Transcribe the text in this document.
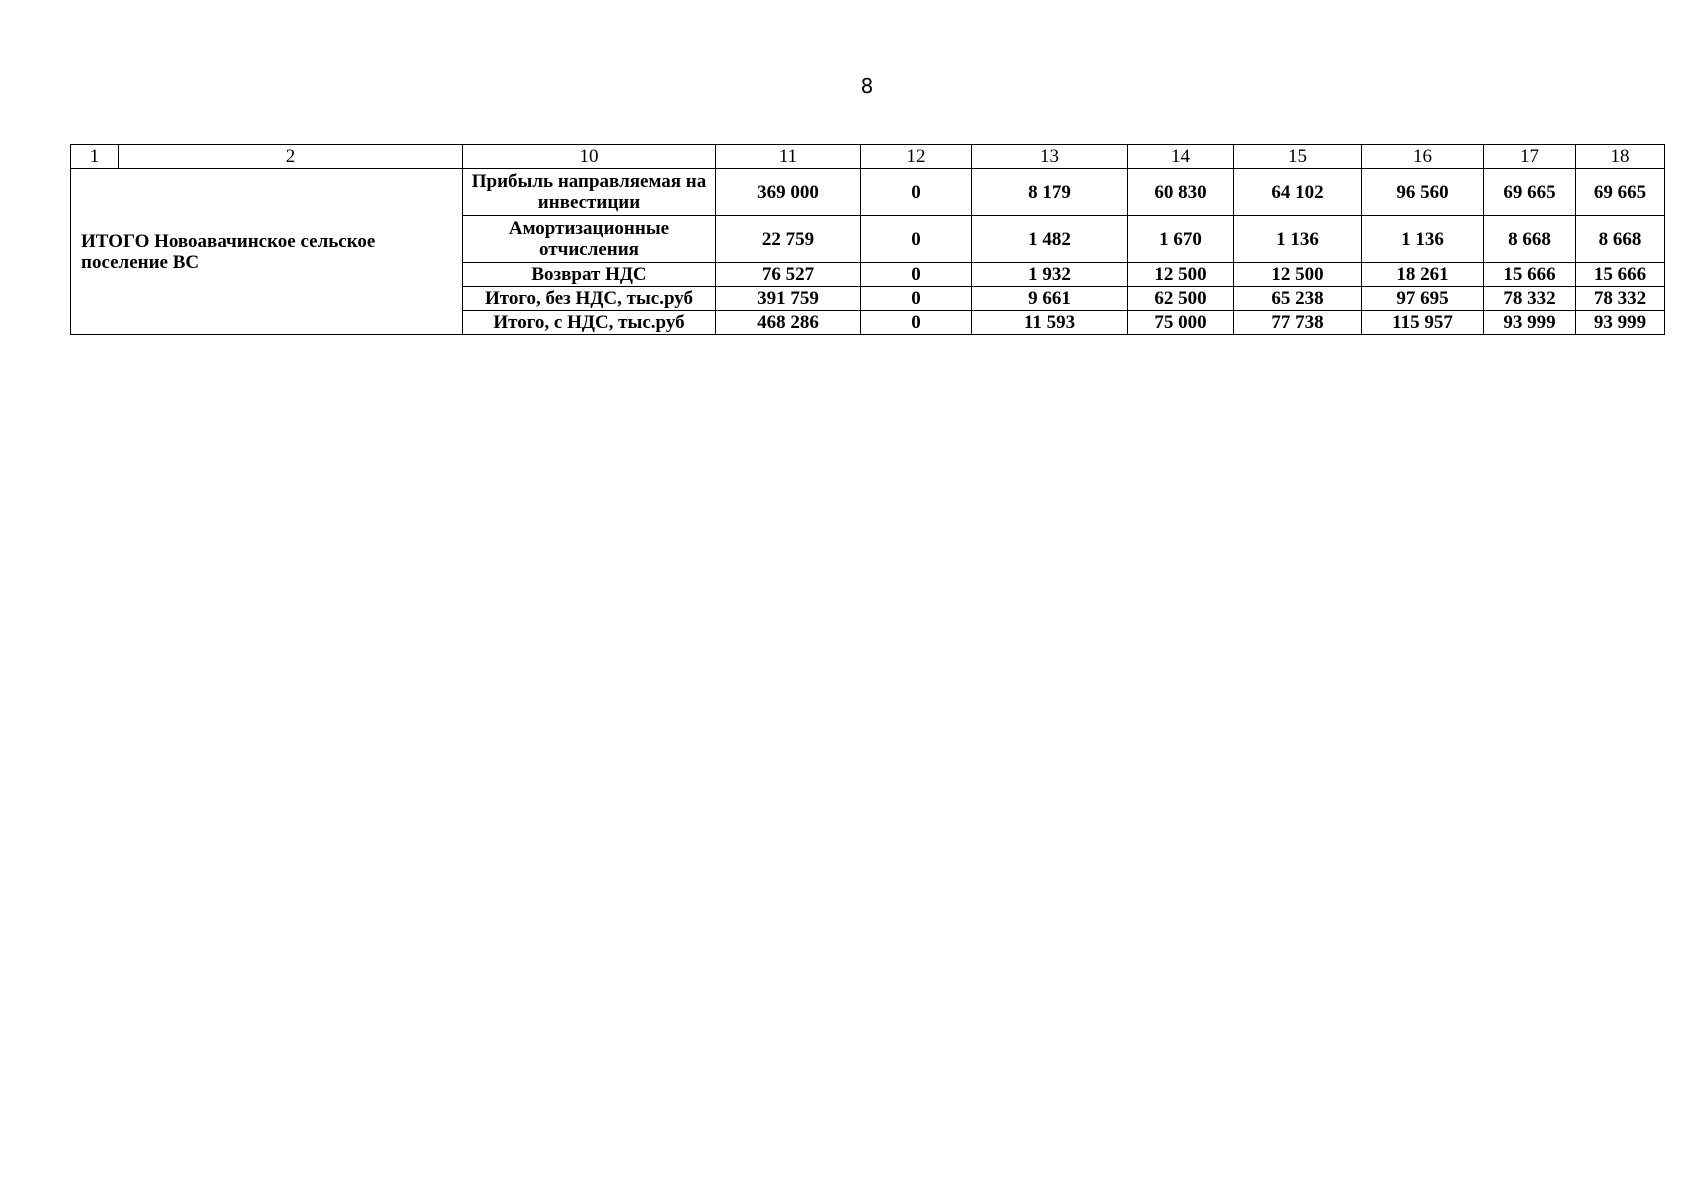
8
1	2	10	11	12	13	14	15	16	17	18
ИТОГО Новоавачинское сельское поселение ВС		Прибыль направляемая на инвестиции	369 000	0	8 179	60 830	64 102	96 560	69 665	69 665
		Амортизационные отчисления	22 759	0	1 482	1 670	1 136	1 136	8 668	8 668
		Возврат НДС	76 527	0	1 932	12 500	12 500	18 261	15 666	15 666
		Итого, без НДС, тыс.руб	391 759	0	9 661	62 500	65 238	97 695	78 332	78 332
		Итого, с НДС, тыс.руб	468 286	0	11 593	75 000	77 738	115 957	93 999	93 999
